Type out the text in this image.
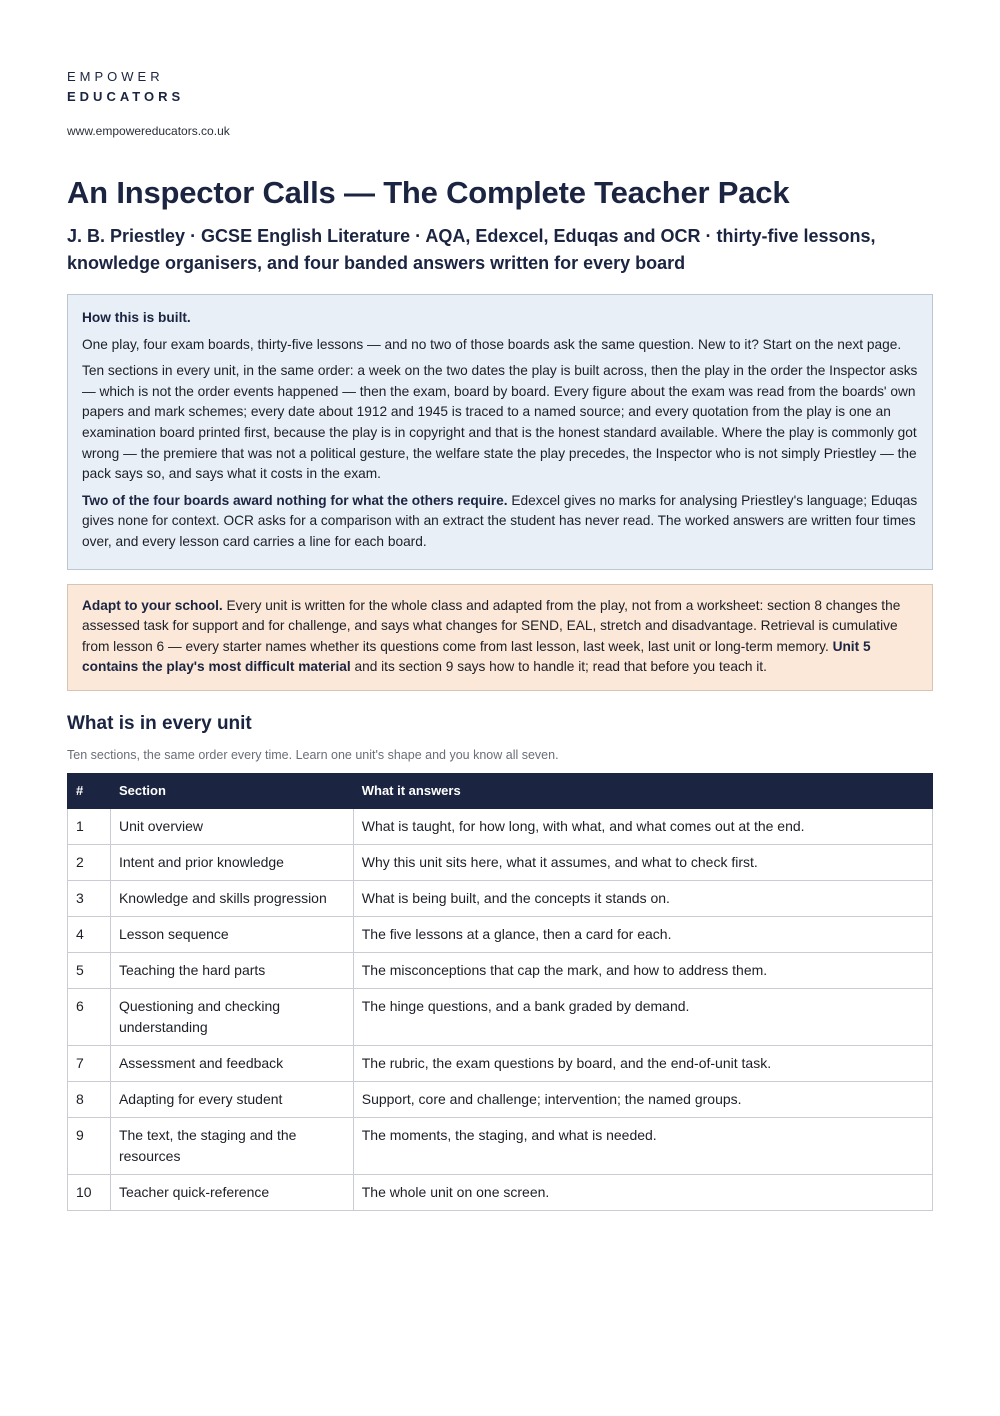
EMPOWER
EDUCATORS
www.empowereducators.co.uk
An Inspector Calls — The Complete Teacher Pack
J. B. Priestley · GCSE English Literature · AQA, Edexcel, Eduqas and OCR · thirty-five lessons, knowledge organisers, and four banded answers written for every board

How this is built.

One play, four exam boards, thirty-five lessons — and no two of those boards ask the same question. New to it? Start on the next page.

Ten sections in every unit, in the same order: a week on the two dates the play is built across, then the play in the order the Inspector asks — which is not the order events happened — then the exam, board by board. Every figure about the exam was read from the boards' own papers and mark schemes; every date about 1912 and 1945 is traced to a named source; and every quotation from the play is one an examination board printed first, because the play is in copyright and that is the honest standard available. Where the play is commonly got wrong — the premiere that was not a political gesture, the welfare state the play precedes, the Inspector who is not simply Priestley — the pack says so, and says what it costs in the exam.

Two of the four boards award nothing for what the others require. Edexcel gives no marks for analysing Priestley's language; Eduqas gives none for context. OCR asks for a comparison with an extract the student has never read. The worked answers are written four times over, and every lesson card carries a line for each board.

Adapt to your school. Every unit is written for the whole class and adapted from the play, not from a worksheet: section 8 changes the assessed task for support and for challenge, and says what changes for SEND, EAL, stretch and disadvantage. Retrieval is cumulative from lesson 6 — every starter names whether its questions come from last lesson, last week, last unit or long-term memory. Unit 5 contains the play's most difficult material and its section 9 says how to handle it; read that before you teach it.

What is in every unit
Ten sections, the same order every time. Learn one unit's shape and you know all seven.
#	Section	What it answers
1	Unit overview	What is taught, for how long, with what, and what comes out at the end.
2	Intent and prior knowledge	Why this unit sits here, what it assumes, and what to check first.
3	Knowledge and skills progression	What is being built, and the concepts it stands on.
4	Lesson sequence	The five lessons at a glance, then a card for each.
5	Teaching the hard parts	The misconceptions that cap the mark, and how to address them.
6	Questioning and checking understanding	The hinge questions, and a bank graded by demand.
7	Assessment and feedback	The rubric, the exam questions by board, and the end-of-unit task.
8	Adapting for every student	Support, core and challenge; intervention; the named groups.
9	The text, the staging and the resources	The moments, the staging, and what is needed.
10	Teacher quick-reference	The whole unit on one screen.
